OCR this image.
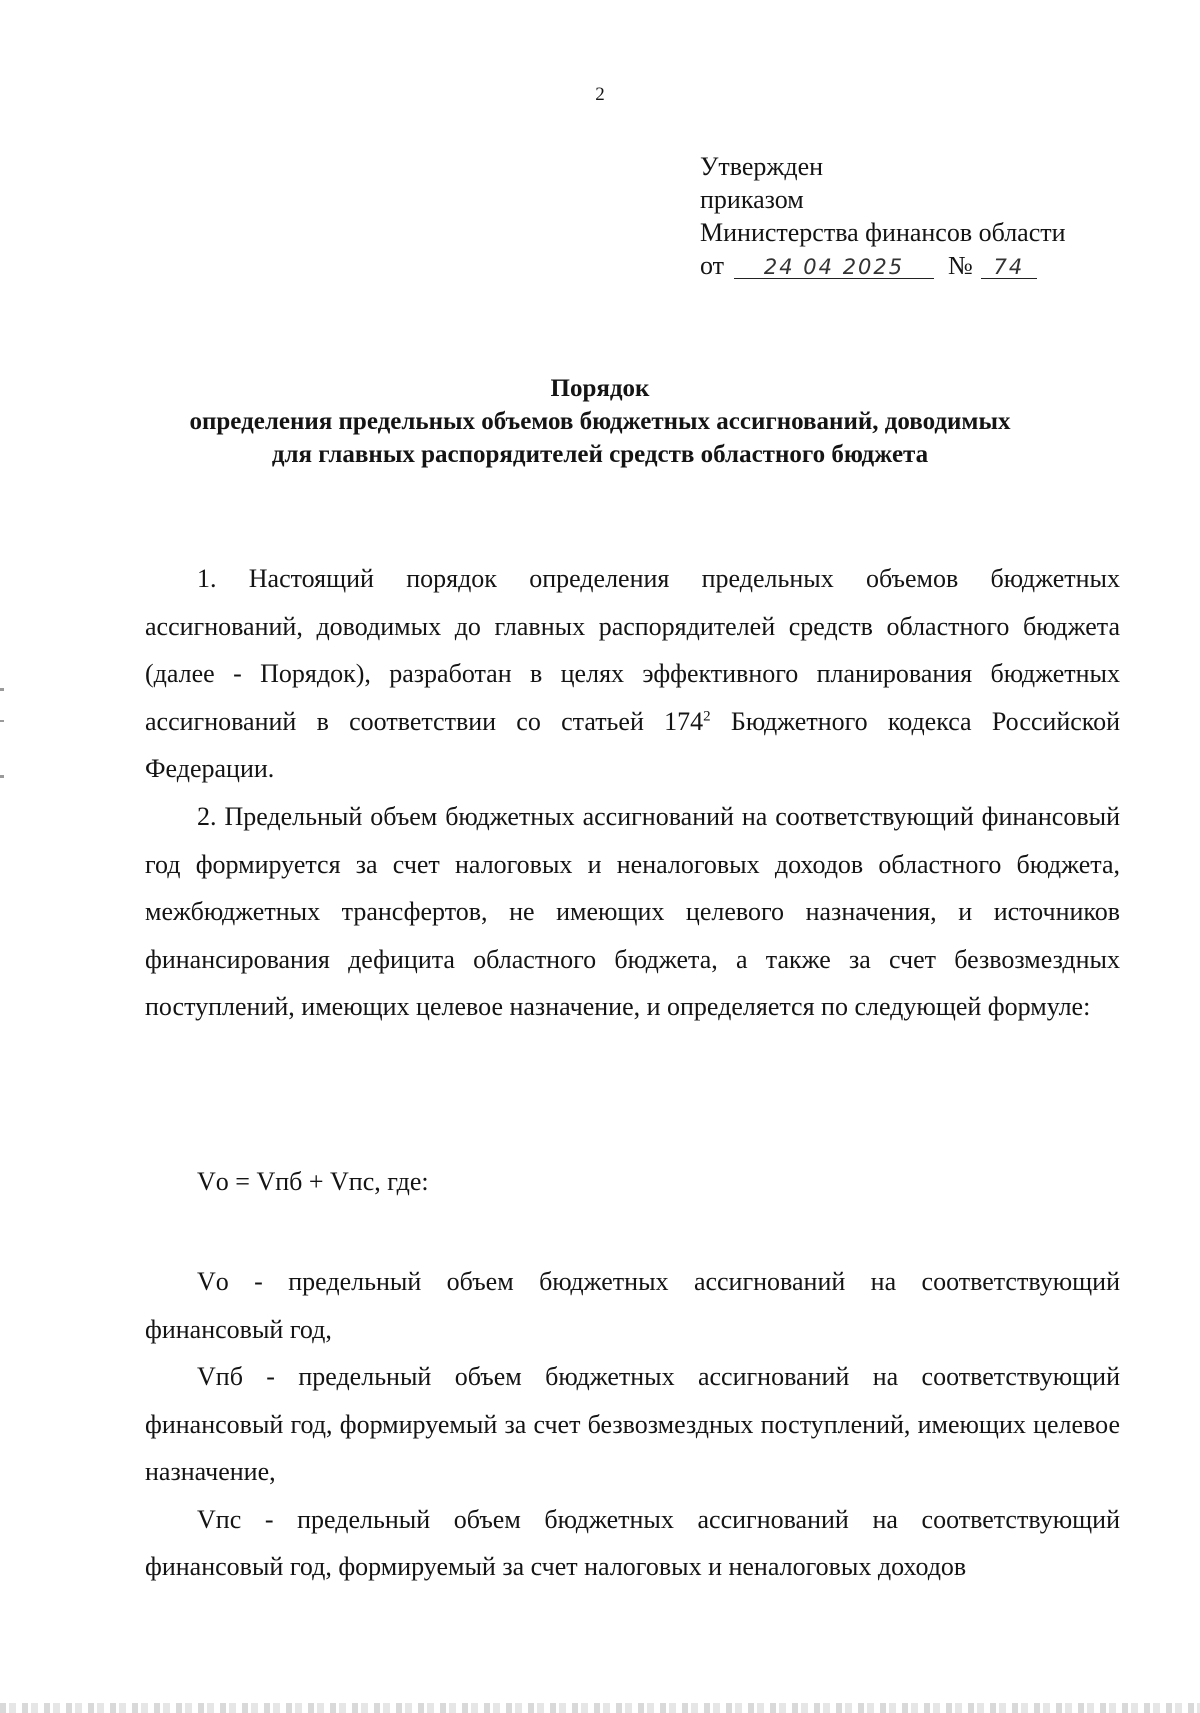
2
Утвержден
приказом
Министерства финансов области
от	24 04 2025	№ 74
Порядок
определения предельных объемов бюджетных ассигнований, доводимых
для главных распорядителей средств областного бюджета

1. Настоящий порядок определения предельных объемов бюджетных ассигнований, доводимых до главных распорядителей средств областного бюджета (далее - Порядок), разработан в целях эффективного планирования бюджетных ассигнований в соответствии со статьей $174^2$ Бюджетного кодекса Российской Федерации.

2. Предельный объем бюджетных ассигнований на соответствующий финансовый год формируется за счет налоговых и неналоговых доходов областного бюджета, межбюджетных трансфертов, не имеющих целевого назначения, и источников финансирования дефицита областного бюджета, а также за счет безвозмездных поступлений, имеющих целевое назначение, и определяется по следующей формуле:

Vо = Vпб + Vпс, где:

Vо - предельный объем бюджетных ассигнований на соответствующий финансовый год,

Vпб - предельный объем бюджетных ассигнований на соответствующий финансовый год, формируемый за счет безвозмездных поступлений, имеющих целевое назначение,

Vпс - предельный объем бюджетных ассигнований на соответствующий финансовый год, формируемый за счет налоговых и неналоговых доходов
